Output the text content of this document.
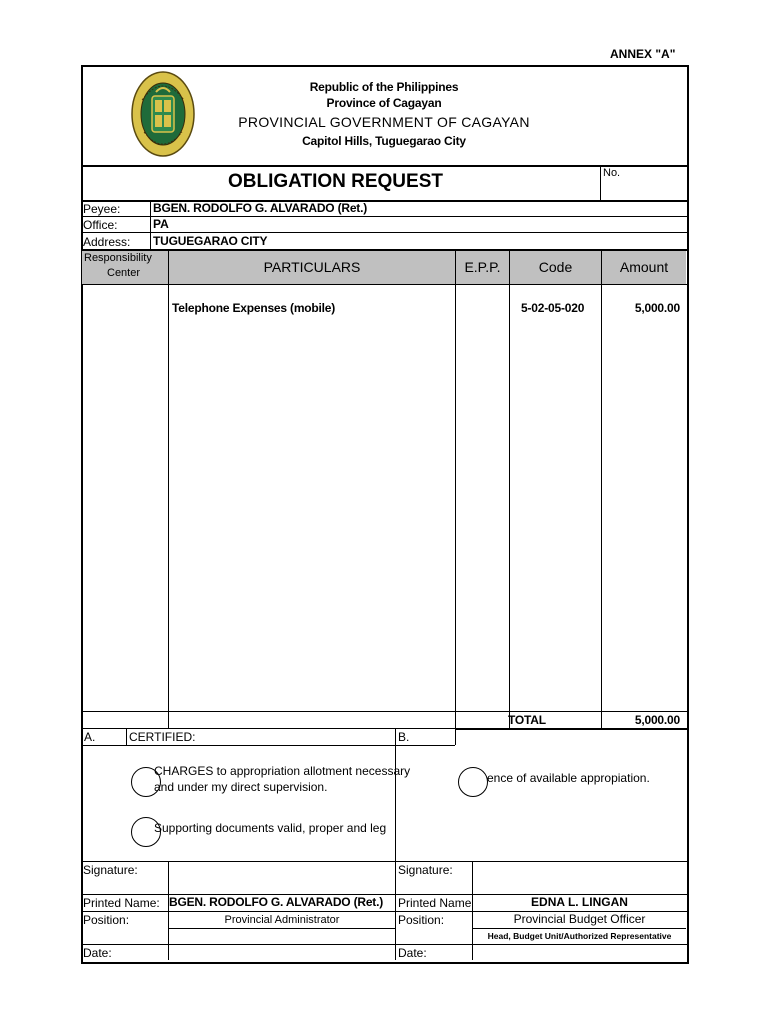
ANNEX "A"
Republic of the Philippines
Province of Cagayan
PROVINCIAL GOVERNMENT OF CAGAYAN
Capitol Hills, Tuguegarao City
OBLIGATION REQUEST	No.
Peyee:	BGEN. RODOLFO G. ALVARADO (Ret.)
Office:	PA
Address: TUGUEGARAO CITY
Responsibility
Center	PARTICULARS	E.P.P.	Code	Amount
Telephone Expenses (mobile)	5-02-05-020	5,000.00
TOTAL	5,000.00
A.	CERTIFIED:	B.
CHARGES to appropriation allotment necessary
and under my direct supervision.
Supporting documents valid, proper and leg
ence of available appropiation.
Signature:
Printed Name: BGEN. RODOLFO G. ALVARADO (Ret.)
Position:	Provincial Administrator
Date:
Signature:
Printed Name	EDNA L. LINGAN
Position:	Provincial Budget Officer
Head, Budget Unit/Authorized Representative
Date:
